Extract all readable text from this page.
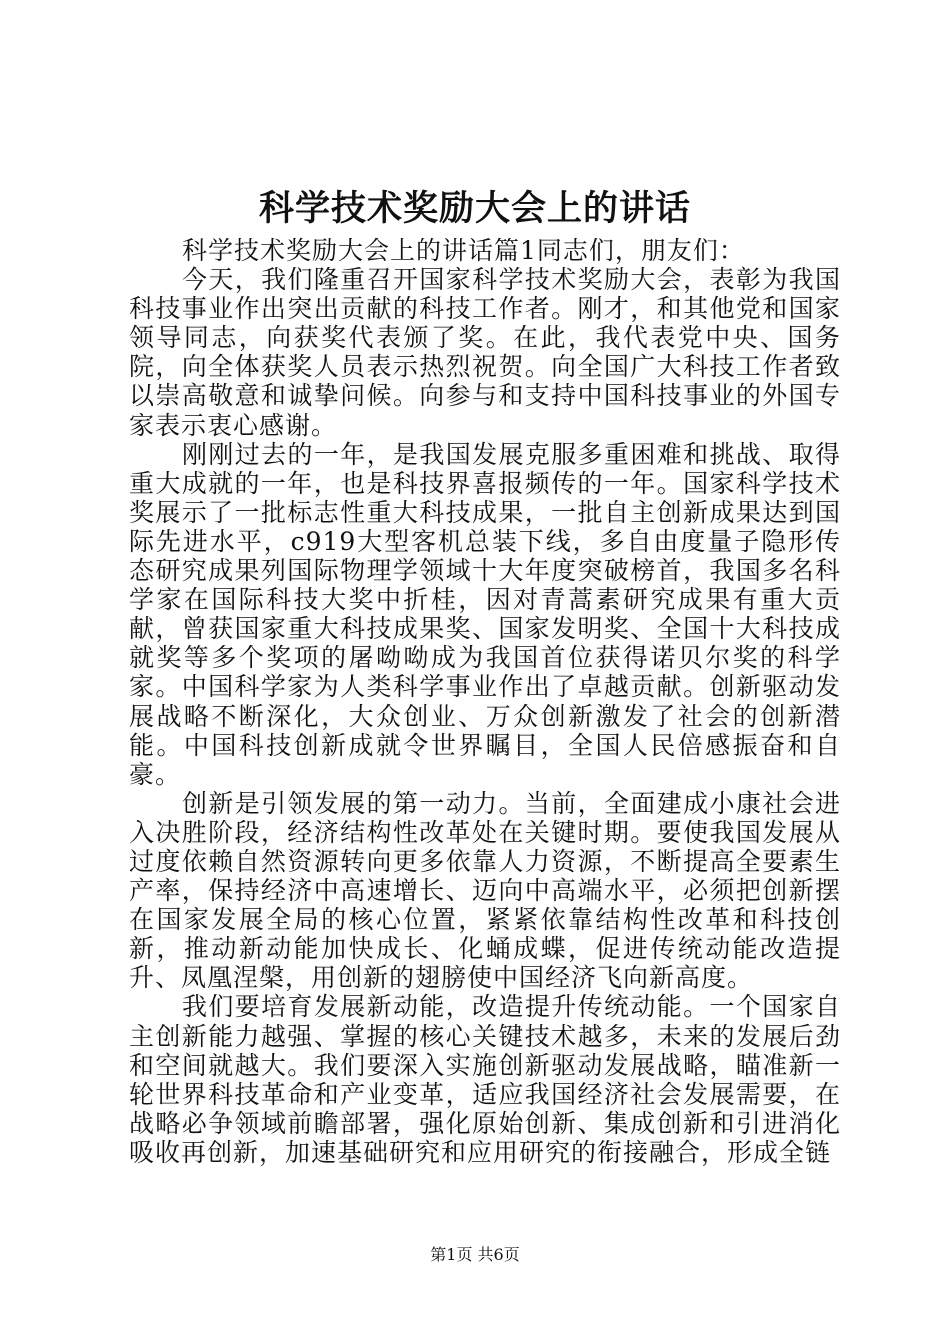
科学技术奖励大会上的讲话

科学技术奖励大会上的讲话篇1同志们，朋友们：

今天，我们隆重召开国家科学技术奖励大会，表彰为我国科技事业作出突出贡献的科技工作者。刚才，和其他党和国家领导同志，向获奖代表颁了奖。在此，我代表党中央、国务院，向全体获奖人员表示热烈祝贺。向全国广大科技工作者致以崇高敬意和诚挚问候。向参与和支持中国科技事业的外国专家表示衷心感谢。

刚刚过去的一年，是我国发展克服多重困难和挑战、取得重大成就的一年，也是科技界喜报频传的一年。国家科学技术奖展示了一批标志性重大科技成果，一批自主创新成果达到国际先进水平，c919大型客机总装下线，多自由度量子隐形传态研究成果列国际物理学领域十大年度突破榜首，我国多名科学家在国际科技大奖中折桂，因对青蒿素研究成果有重大贡献，曾获国家重大科技成果奖、国家发明奖、全国十大科技成就奖等多个奖项的屠呦呦成为我国首位获得诺贝尔奖的科学家。中国科学家为人类科学事业作出了卓越贡献。创新驱动发展战略不断深化，大众创业、万众创新激发了社会的创新潜能。中国科技创新成就令世界瞩目，全国人民倍感振奋和自豪。

创新是引领发展的第一动力。当前，全面建成小康社会进入决胜阶段，经济结构性改革处在关键时期。要使我国发展从过度依赖自然资源转向更多依靠人力资源，不断提高全要素生产率，保持经济中高速增长、迈向中高端水平，必须把创新摆在国家发展全局的核心位置，紧紧依靠结构性改革和科技创新，推动新动能加快成长、化蛹成蝶，促进传统动能改造提升、凤凰涅槃，用创新的翅膀使中国经济飞向新高度。

我们要培育发展新动能，改造提升传统动能。一个国家自主创新能力越强、掌握的核心关键技术越多，未来的发展后劲和空间就越大。我们要深入实施创新驱动发展战略，瞄准新一轮世界科技革命和产业变革，适应我国经济社会发展需要，在战略必争领域前瞻部署，强化原始创新、集成创新和引进消化吸收再创新，加速基础研究和应用研究的衔接融合，形成全链

第1页 共6页
